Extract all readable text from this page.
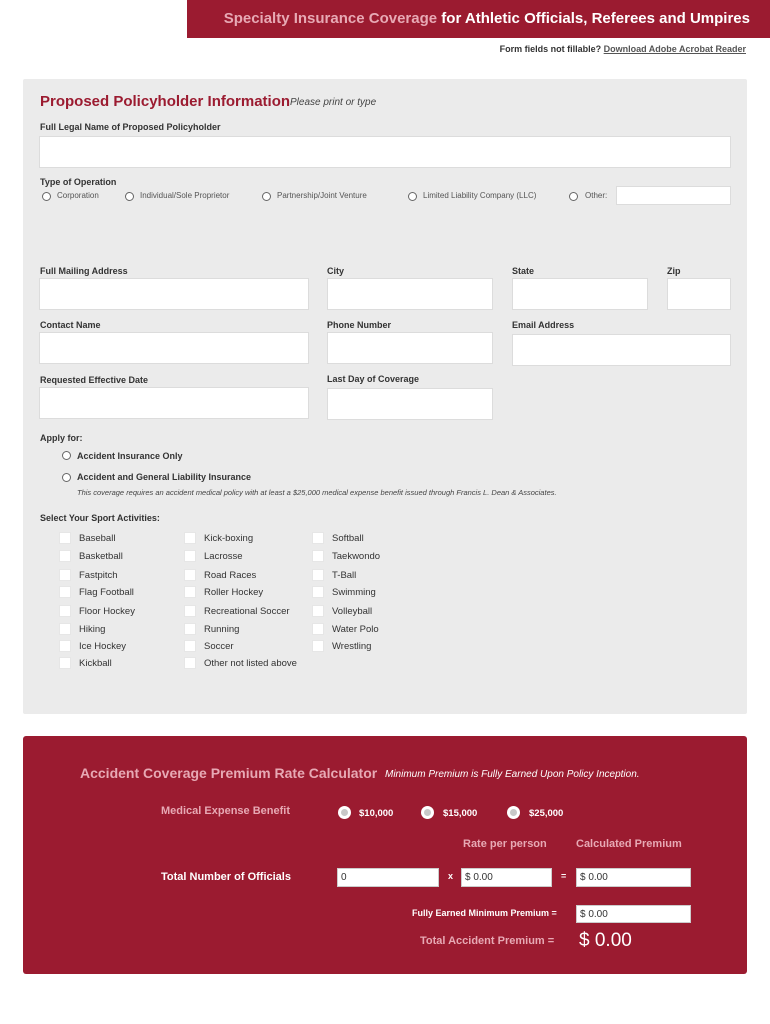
Specialty Insurance Coverage for Athletic Officials, Referees and Umpires
Form fields not fillable? Download Adobe Acrobat Reader
Proposed Policyholder Information Please print or type
Full Legal Name of Proposed Policyholder
Type of Operation
Corporation	Individual/Sole Proprietor	Partnership/Joint Venture	Limited Liability Company (LLC)	Other:
Full Mailing Address	City	State	Zip
Contact Name	Phone Number	Email Address
Requested Effective Date	Last Day of Coverage
Apply for:
Accident Insurance Only
Accident and General Liability Insurance
This coverage requires an accident medical policy with at least a $25,000 medical expense benefit issued through Francis L. Dean & Associates.
Select Your Sport Activities:
Baseball
Basketball
Fastpitch
Flag Football
Floor Hockey
Hiking
Ice Hockey
Kickball
Kick-boxing
Lacrosse
Road Races
Roller Hockey
Recreational Soccer
Running
Soccer
Other not listed above
Softball
Taekwondo
T-Ball
Swimming
Volleyball
Water Polo
Wrestling
Accident Coverage Premium Rate Calculator Minimum Premium is Fully Earned Upon Policy Inception.
Medical Expense Benefit	$10,000	$15,000	$25,000
Rate per person	Calculated Premium
Total Number of Officials	0	x	$ 0.00	=	$ 0.00
Fully Earned Minimum Premium =	$ 0.00
Total Accident Premium = $ 0.00
